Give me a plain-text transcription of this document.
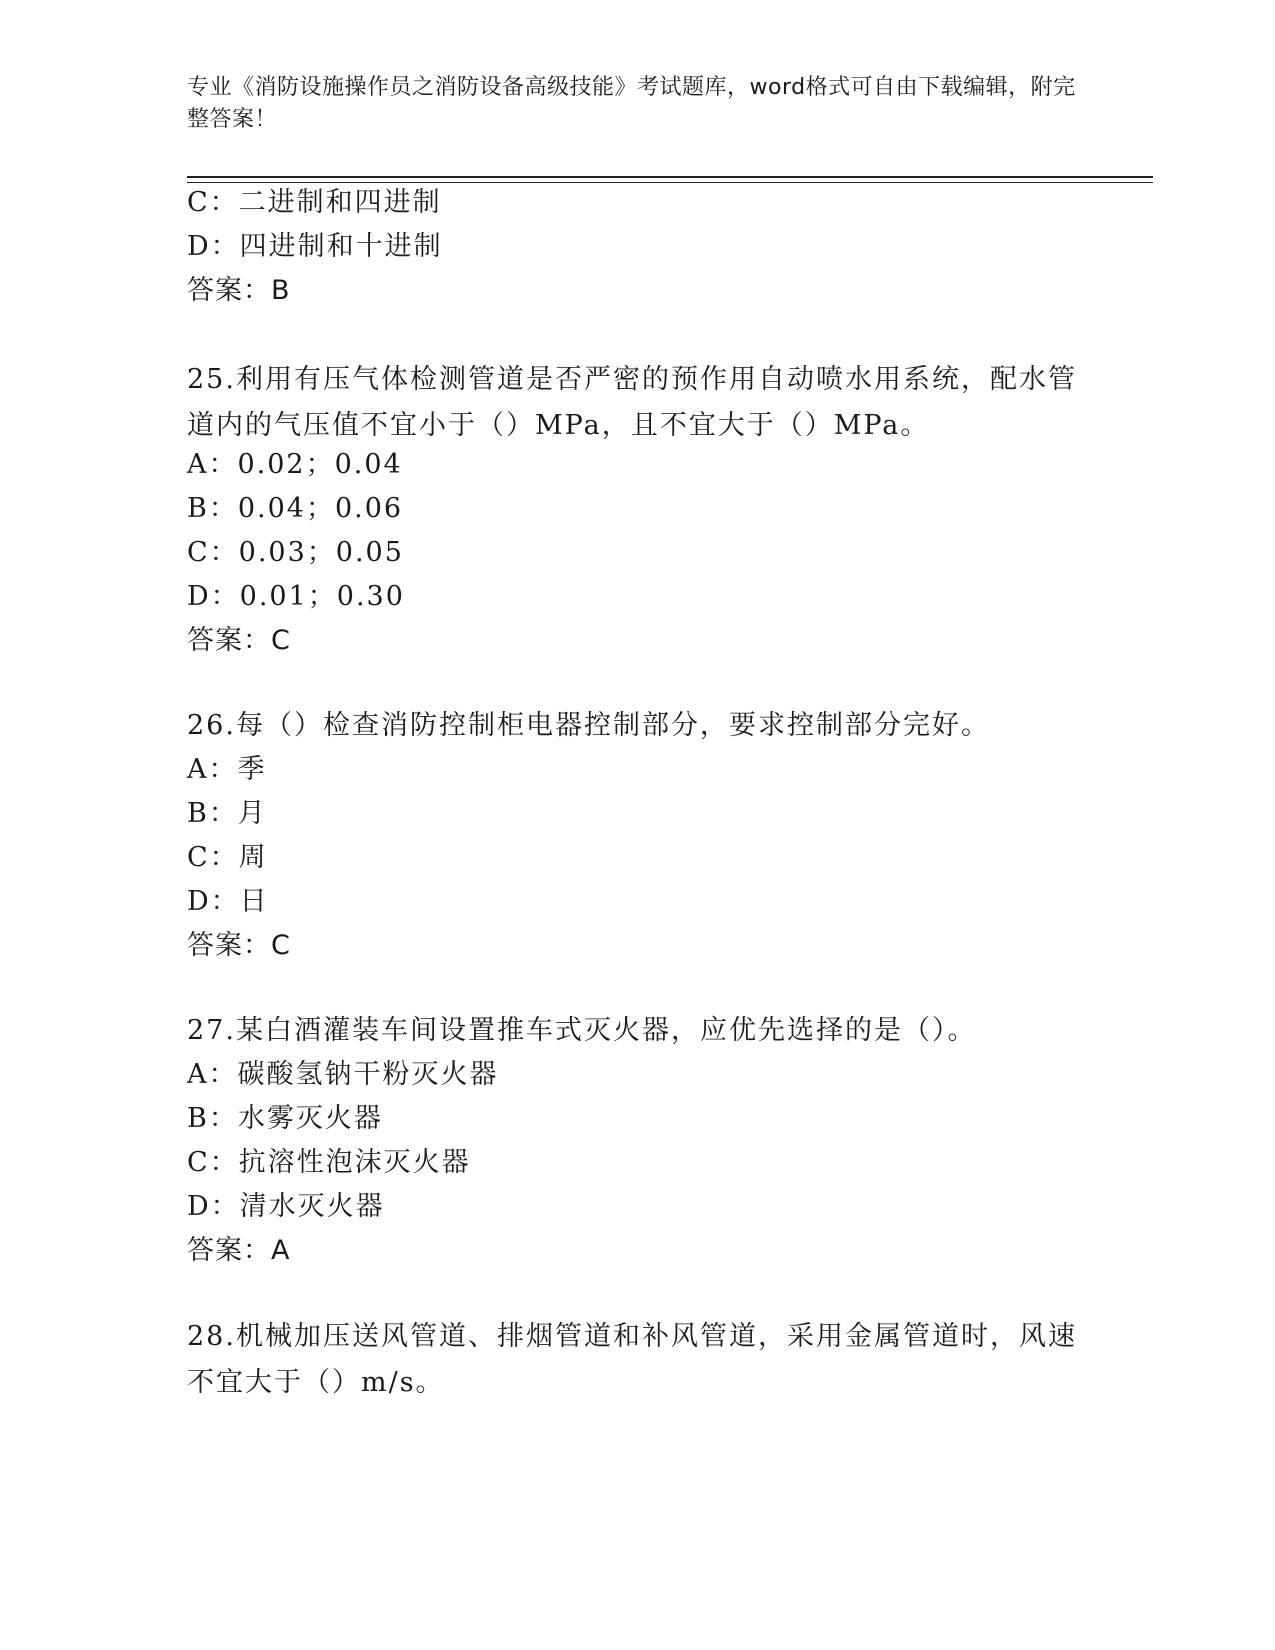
专业《消防设施操作员之消防设备高级技能》考试题库，word格式可自由下载编辑，附完整答案！
C：二进制和四进制
D：四进制和十进制
答案：B
25.利用有压气体检测管道是否严密的预作用自动喷水用系统，配水管道内的气压值不宜小于（）MPa，且不宜大于（）MPa。
A：0.02；0.04
B：0.04；0.06
C：0.03；0.05
D：0.01；0.30
答案：C
26.每（）检查消防控制柜电器控制部分，要求控制部分完好。
A：季
B：月
C：周
D：日
答案：C
27.某白酒灌装车间设置推车式灭火器，应优先选择的是（）。
A：碳酸氢钠干粉灭火器
B：水雾灭火器
C：抗溶性泡沫灭火器
D：清水灭火器
答案：A
28.机械加压送风管道、排烟管道和补风管道，采用金属管道时，风速不宜大于（）m/s。
